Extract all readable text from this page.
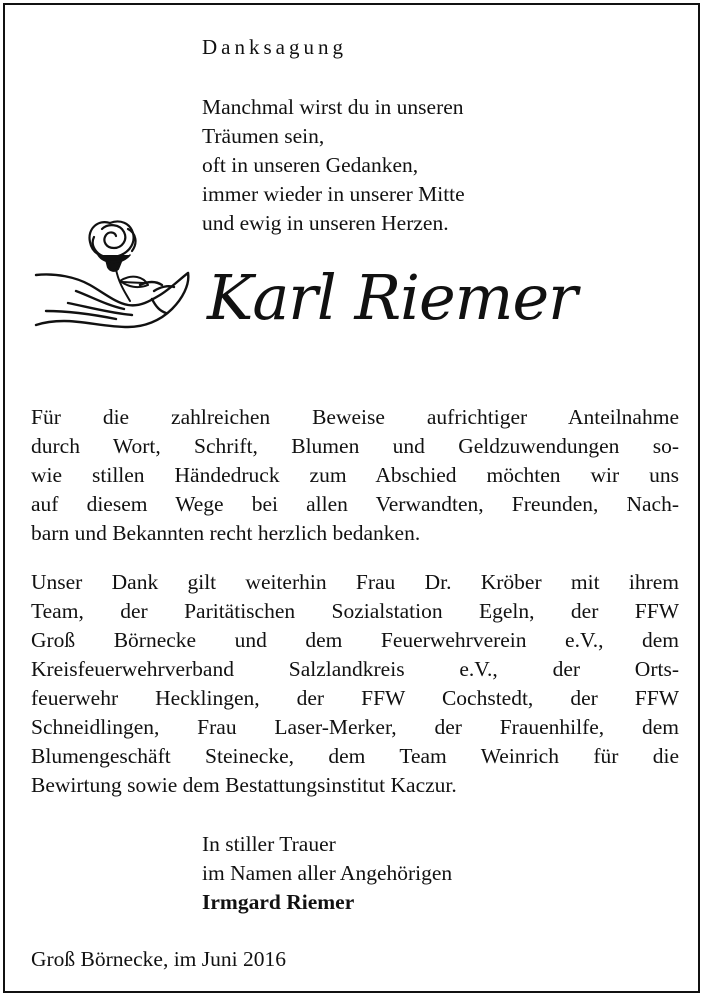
Danksagung
Manchmal wirst du in unseren
Träumen sein,
oft in unseren Gedanken,
immer wieder in unserer Mitte
und ewig in unseren Herzen.
Karl Riemer

Für die zahlreichen Beweise aufrichtiger Anteilnahme
durch Wort, Schrift, Blumen und Geldzuwendungen so-
wie stillen Händedruck zum Abschied möchten wir uns
auf diesem Wege bei allen Verwandten, Freunden, Nach-
barn und Bekannten recht herzlich bedanken.

Unser Dank gilt weiterhin Frau Dr. Kröber mit ihrem
Team, der Paritätischen Sozialstation Egeln, der FFW
Groß Börnecke und dem Feuerwehrverein e.V., dem
Kreisfeuerwehrverband Salzlandkreis e.V., der Orts-
feuerwehr Hecklingen, der FFW Cochstedt, der FFW
Schneidlingen, Frau Laser-Merker, der Frauenhilfe, dem
Blumengeschäft Steinecke, dem Team Weinrich für die
Bewirtung sowie dem Bestattungsinstitut Kaczur.

In stiller Trauer
im Namen aller Angehörigen
Irmgard Riemer
Groß Börnecke, im Juni 2016
